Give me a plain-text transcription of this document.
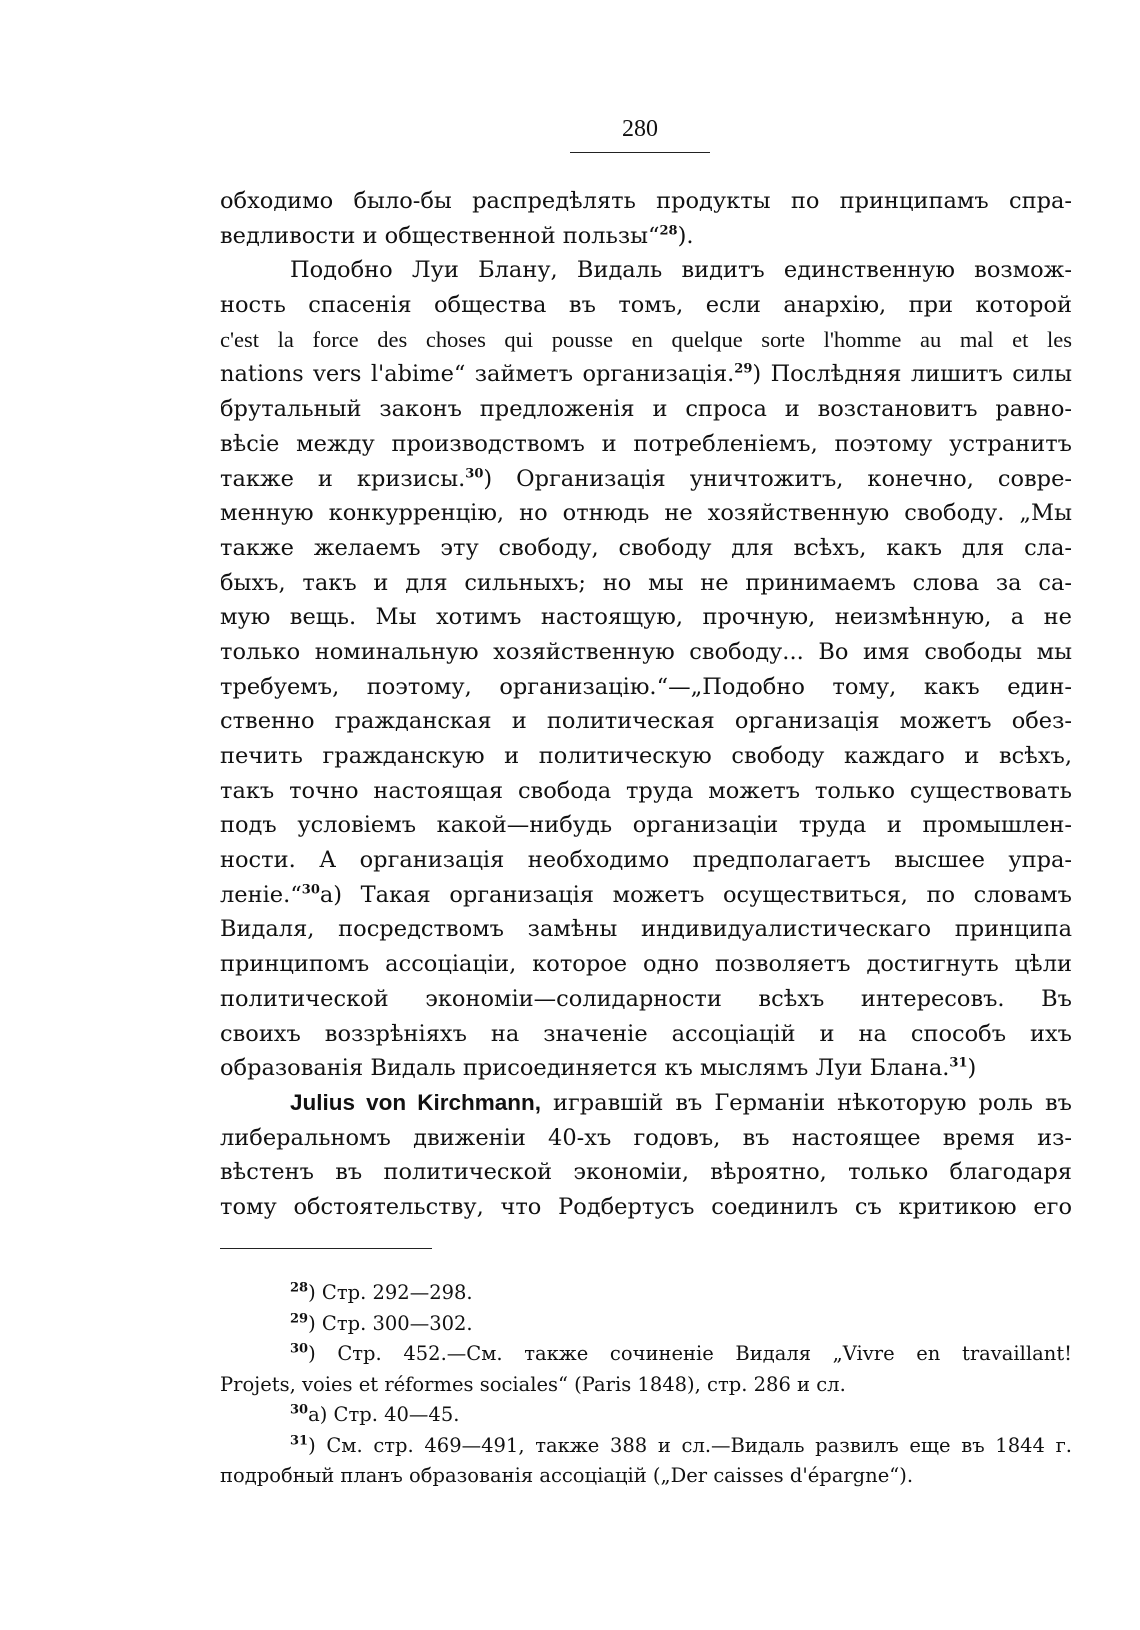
280
обходимо было-бы распредѣлять продукты по принципамъ спра-
ведливости и общественной пользы“$^{28}$).
Подобно Луи Блану, Видаль видитъ единственную возмож-
ность спасенія общества въ томъ, если анархію, при которой
c'est la force des choses qui pousse en quelque sorte l'homme au mal et les
nations vers l'abime“ займетъ организація.$^{29}$) Послѣдняя лишитъ силы
брутальный законъ предложенія и спроса и возстановитъ равно-
вѣсіе между производствомъ и потребленіемъ, поэтому устранитъ
также и кризисы.$^{30}$) Организація уничтожитъ, конечно, совре-
менную конкурренцію, но отнюдь не хозяйственную свободу. „Мы
также желаемъ эту свободу, свободу для всѣхъ, какъ для сла-
быхъ, такъ и для сильныхъ; но мы не принимаемъ слова за са-
мую вещь. Мы хотимъ настоящую, прочную, неизмѣнную, а не
только номинальную хозяйственную свободу... Во имя свободы мы
требуемъ, поэтому, организацію.“—„Подобно тому, какъ един-
ственно гражданская и политическая организація можетъ обез-
печить гражданскую и политическую свободу каждаго и всѣхъ,
такъ точно настоящая свобода труда можетъ только существовать
подъ условіемъ какой—нибудь организаціи труда и промышлен-
ности. А организація необходимо предполагаетъ высшее упра-
леніе.“$^{30}$а) Такая организація можетъ осуществиться, по словамъ
Видаля, посредствомъ замѣны индивидуалистическаго принципа
принципомъ ассоціаціи, которое одно позволяетъ достигнуть цѣли
политической экономіи—солидарности всѣхъ интересовъ. Въ
своихъ воззрѣніяхъ на значеніе ассоціацій и на способъ ихъ
образованія Видаль присоединяется къ мыслямъ Луи Блана.$^{31}$)
Julius von Kirchmann, игравшій въ Германіи нѣкоторую роль въ
либеральномъ движеніи 40-хъ годовъ, въ настоящее время из-
вѣстенъ въ политической экономіи, вѣроятно, только благодаря
тому обстоятельству, что Родбертусъ соединилъ съ критикою его
$^{28}$) Стр. 292—298.
$^{29}$) Стр. 300—302.
$^{30}$) Стр. 452.—См. также сочиненіе Видаля „Vivre en travaillant!
Projets, voies et réformes sociales“ (Paris 1848), стр. 286 и сл.
$^{30}$а) Стр. 40—45.
$^{31}$) См. стр. 469—491, также 388 и сл.—Видаль развилъ еще въ 1844 г.
подробный планъ образованія ассоціацій („Der caisses d'épargne“).
